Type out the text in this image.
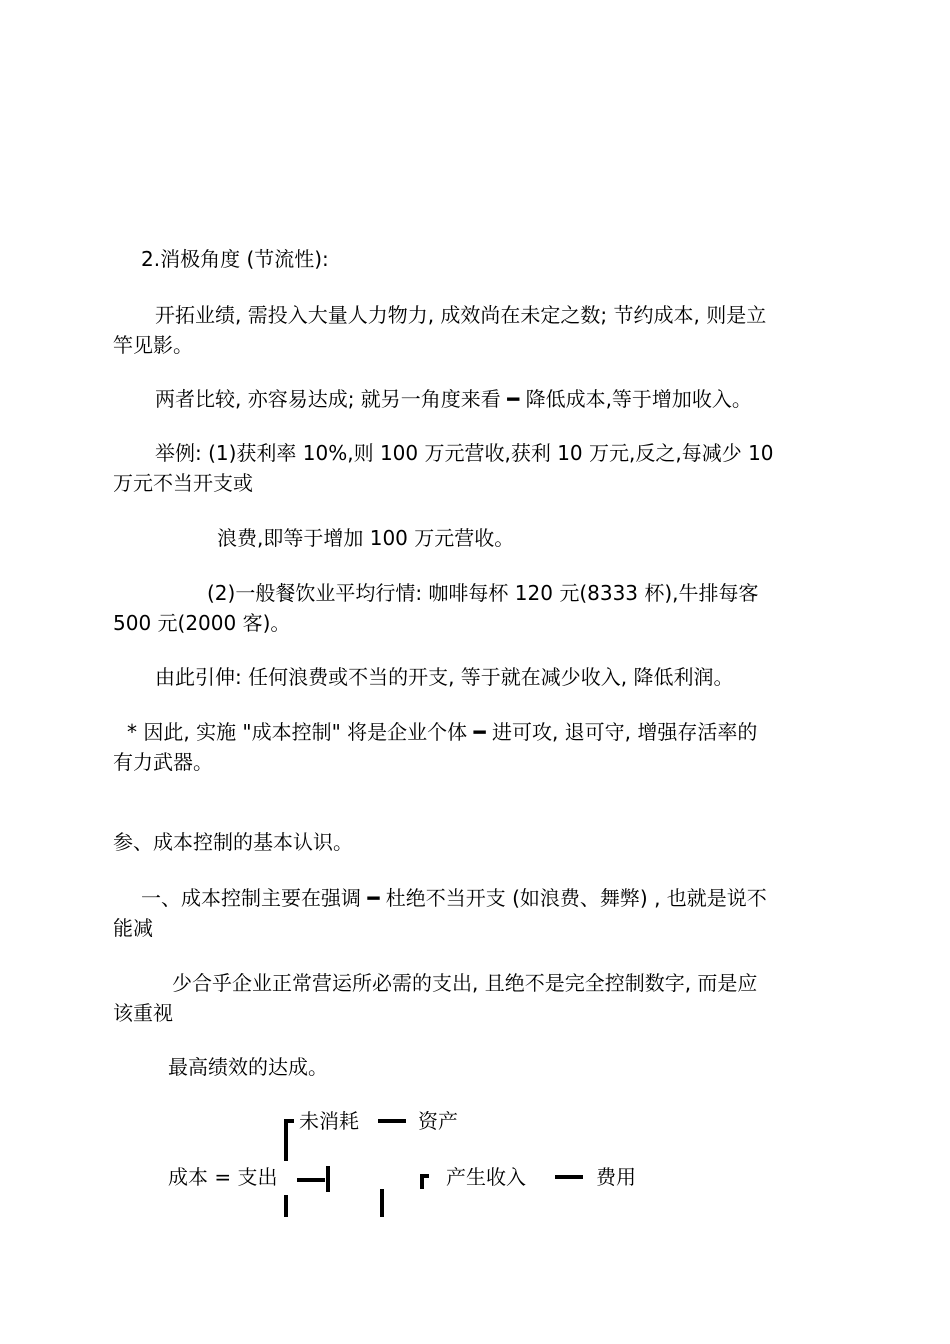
2.消极角度 (节流性):
开拓业绩, 需投入大量人力物力, 成效尚在未定之数; 节约成本, 则是立
竿见影。
两者比较, 亦容易达成; 就另一角度来看 ━ 降低成本,等于增加收入。
举例: (1)获利率 10%,则 100 万元营收,获利 10 万元,反之,每减少 10
万元不当开支或
浪费,即等于增加 100 万元营收。
(2)一般餐饮业平均行情: 咖啡每杯 120 元(8333 杯),牛排每客
500 元(2000 客)。
由此引伸: 任何浪费或不当的开支, 等于就在减少收入, 降低利润。
* 因此, 实施 "成本控制" 将是企业个体 ━ 进可攻, 退可守, 增强存活率的
有力武器。
参、成本控制的基本认识。
一、成本控制主要在强调 ━ 杜绝不当开支 (如浪费、舞弊) , 也就是说不
能减
少合乎企业正常营运所必需的支出, 且绝不是完全控制数字, 而是应
该重视
最高绩效的达成。
成本 = 支出
未消耗	资产
产生收入	费用
